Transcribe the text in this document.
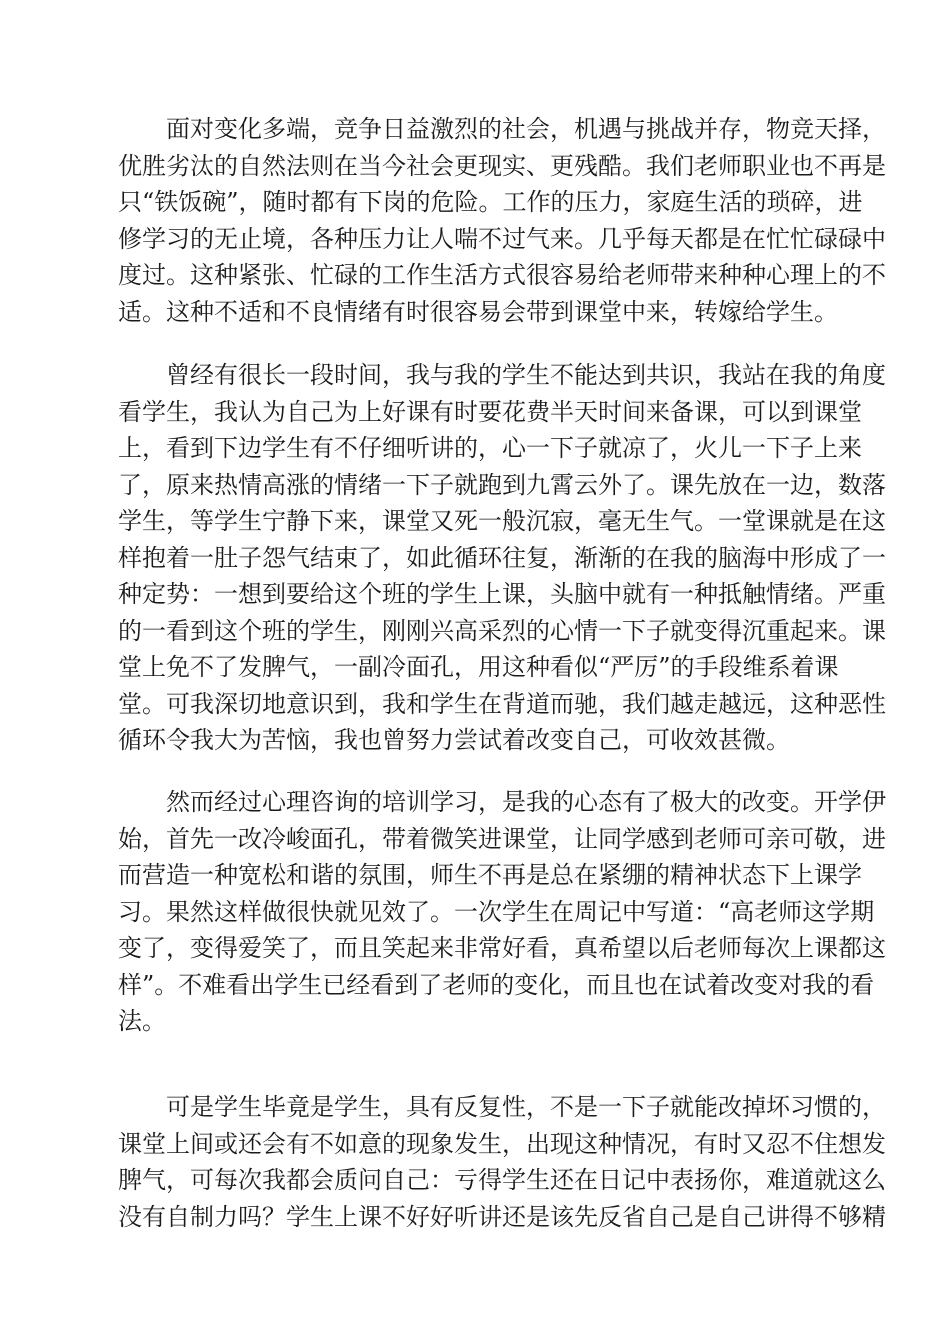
面对变化多端，竞争日益激烈的社会，机遇与挑战并存，物竞天择，
优胜劣汰的自然法则在当今社会更现实、更残酷。我们老师职业也不再是
只“铁饭碗”，随时都有下岗的危险。工作的压力，家庭生活的琐碎，进
修学习的无止境，各种压力让人喘不过气来。几乎每天都是在忙忙碌碌中
度过。这种紧张、忙碌的工作生活方式很容易给老师带来种种心理上的不
适。这种不适和不良情绪有时很容易会带到课堂中来，转嫁给学生。

曾经有很长一段时间，我与我的学生不能达到共识，我站在我的角度
看学生，我认为自己为上好课有时要花费半天时间来备课，可以到课堂
上，看到下边学生有不仔细听讲的，心一下子就凉了，火儿一下子上来
了，原来热情高涨的情绪一下子就跑到九霄云外了。课先放在一边，数落
学生，等学生宁静下来，课堂又死一般沉寂，毫无生气。一堂课就是在这
样抱着一肚子怨气结束了，如此循环往复，渐渐的在我的脑海中形成了一
种定势：一想到要给这个班的学生上课，头脑中就有一种抵触情绪。严重
的一看到这个班的学生，刚刚兴高采烈的心情一下子就变得沉重起来。课
堂上免不了发脾气，一副冷面孔，用这种看似“严厉”的手段维系着课
堂。可我深切地意识到，我和学生在背道而驰，我们越走越远，这种恶性
循环令我大为苦恼，我也曾努力尝试着改变自己，可收效甚微。

然而经过心理咨询的培训学习，是我的心态有了极大的改变。开学伊
始，首先一改冷峻面孔，带着微笑进课堂，让同学感到老师可亲可敬，进
而营造一种宽松和谐的氛围，师生不再是总在紧绷的精神状态下上课学
习。果然这样做很快就见效了。一次学生在周记中写道：“高老师这学期
变了，变得爱笑了，而且笑起来非常好看，真希望以后老师每次上课都这
样”。不难看出学生已经看到了老师的变化，而且也在试着改变对我的看
法。

可是学生毕竟是学生，具有反复性，不是一下子就能改掉坏习惯的，
课堂上间或还会有不如意的现象发生，出现这种情况，有时又忍不住想发
脾气，可每次我都会质问自己：亏得学生还在日记中表扬你，难道就这么
没有自制力吗？学生上课不好好听讲还是该先反省自己是自己讲得不够精
